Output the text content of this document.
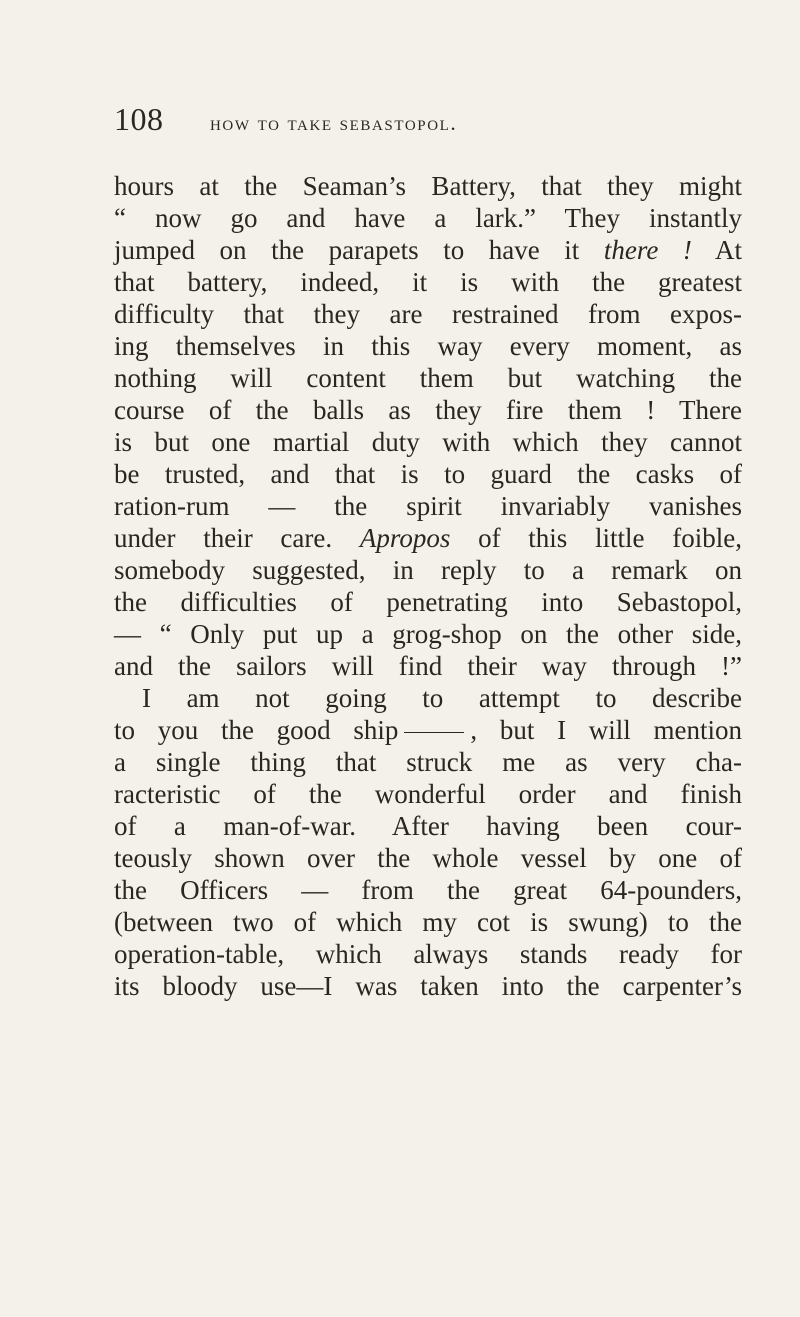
108 how to take sebastopol.
hours at the Seaman’s Battery, that they might
“ now go and have a lark.” They instantly
jumped on the parapets to have it there ! At
that battery, indeed, it is with the greatest
difficulty that they are restrained from expos-
ing themselves in this way every moment, as
nothing will content them but watching the
course of the balls as they fire them ! There
is but one martial duty with which they cannot
be trusted, and that is to guard the casks of
ration-rum — the spirit invariably vanishes
under their care. Apropos of this little foible,
somebody suggested, in reply to a remark on
the difficulties of penetrating into Sebastopol,
— “ Only put up a grog-shop on the other side,
and the sailors will find their way through !”
I am not going to attempt to describe
to you the good ship	, but I will mention
a single thing that struck me as very cha-
racteristic of the wonderful order and finish
of a man-of-war. After having been cour-
teously shown over the whole vessel by one of
the Officers — from the great 64-pounders,
(between two of which my cot is swung) to the
operation-table, which always stands ready for
its bloody use—I was taken into the carpenter’s
